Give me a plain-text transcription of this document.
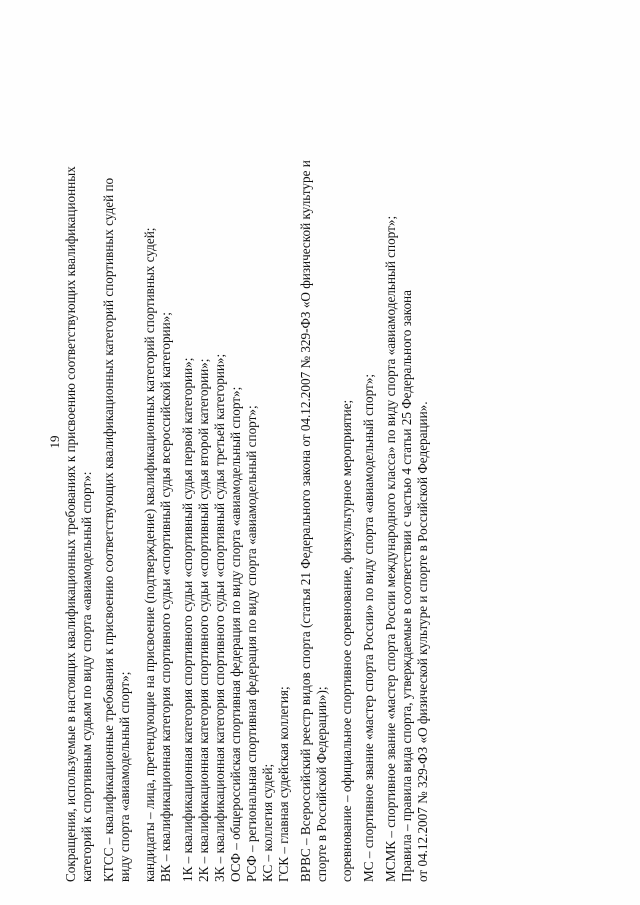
19 Сокращения, используемые в настоящих квалификационных требованиях к присвоению соответствующих квалификационных категорий к спортивным судьям по виду спорта «авиамодельный спорт»: КТСС – квалификационные требования к присвоению соответствующих квалификационных категорий спортивных судей по виду спорта «авиамодельный спорт»; кандидаты – лица, претендующие на присвоение (подтверждение) квалификационных категорий спортивных судей; ВК – квалификационная категория спортивного судьи «спортивный судья всероссийской категории»; 1К – квалификационная категория спортивного судьи «спортивный судья первой категории»; 2К – квалификационная категория спортивного судьи «спортивный судья второй категории»; 3К – квалификационная категория спортивного судьи «спортивный судья третьей категории»; ОСФ – общероссийская спортивная федерация по виду спорта «авиамодельный спорт»; РСФ – региональная спортивная федерация по виду спорта «авиамодельный спорт»; КС – коллегия судей; ГСК – главная судейская коллегия; ВРВС – Всероссийский реестр видов спорта (статья 21 Федерального закона от 04.12.2007 № 329-ФЗ «О физической культуре и спорте в Российской Федерации»); соревнование – официальное спортивное соревнование, физкультурное мероприятие; МС – спортивное звание «мастер спорта России» по виду спорта «авиамодельный спорт»; МСМК – спортивное звание «мастер спорта России международного класса» по виду спорта «авиамодельный спорт»; Правила – правила вида спорта, утверждаемые в соответствии с частью 4 статьи 25 Федерального закона от 04.12.2007 № 329-ФЗ «О физической культуре и спорте в Российской Федерации».
